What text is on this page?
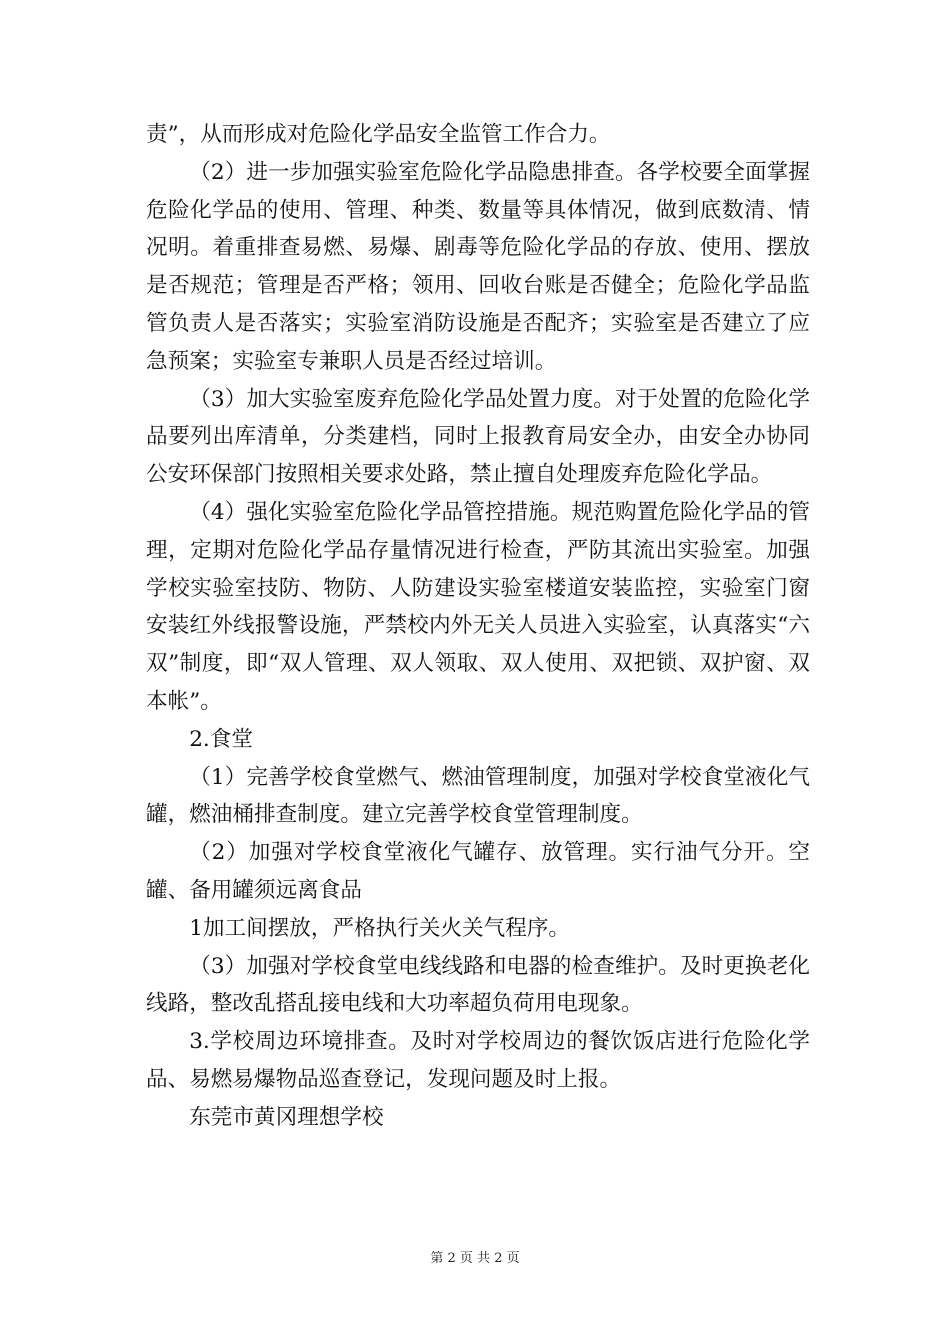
责”，从而形成对危险化学品安全监管工作合力。

（2）进一步加强实验室危险化学品隐患排查。各学校要全面掌握危险化学品的使用、管理、种类、数量等具体情况，做到底数清、情况明。着重排查易燃、易爆、剧毒等危险化学品的存放、使用、摆放是否规范；管理是否严格；领用、回收台账是否健全；危险化学品监管负责人是否落实；实验室消防设施是否配齐；实验室是否建立了应急预案；实验室专兼职人员是否经过培训。

（3）加大实验室废弃危险化学品处置力度。对于处置的危险化学品要列出库清单，分类建档，同时上报教育局安全办，由安全办协同公安环保部门按照相关要求处路，禁止擅自处理废弃危险化学品。

（4）强化实验室危险化学品管控措施。规范购置危险化学品的管理，定期对危险化学品存量情况进行检查，严防其流出实验室。加强学校实验室技防、物防、人防建设实验室楼道安装监控，实验室门窗安装红外线报警设施，严禁校内外无关人员进入实验室，认真落实“六双”制度，即“双人管理、双人领取、双人使用、双把锁、双护窗、双本帐”。

2.食堂

（1）完善学校食堂燃气、燃油管理制度，加强对学校食堂液化气罐，燃油桶排查制度。建立完善学校食堂管理制度。

（2）加强对学校食堂液化气罐存、放管理。实行油气分开。空罐、备用罐须远离食品

1加工间摆放，严格执行关火关气程序。

（3）加强对学校食堂电线线路和电器的检查维护。及时更换老化线路，整改乱搭乱接电线和大功率超负荷用电现象。

3.学校周边环境排查。及时对学校周边的餐饮饭店进行危险化学品、易燃易爆物品巡查登记，发现问题及时上报。

东莞市黄冈理想学校

第 2 页 共 2 页
